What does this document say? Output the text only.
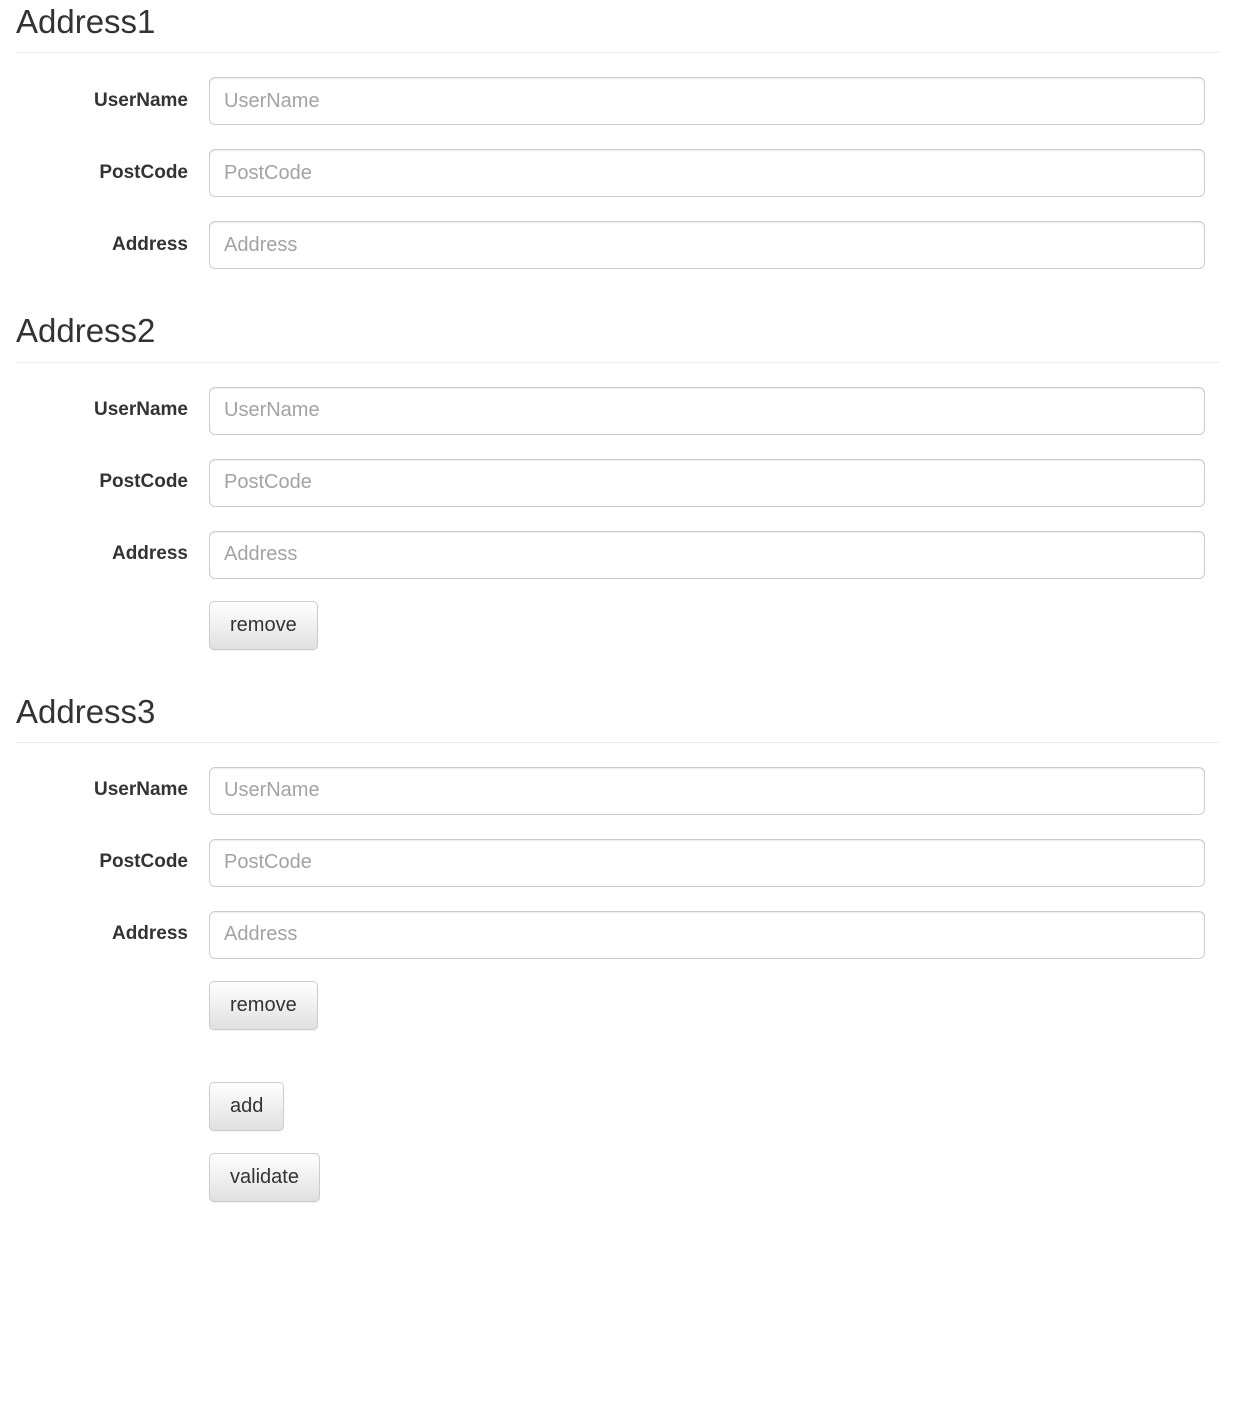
Address1
UserName
UserName
PostCode
PostCode
Address
Address
Address2
UserName
UserName
PostCode
PostCode
Address
Address
remove
Address3
UserName
UserName
PostCode
PostCode
Address
Address
remove
add
validate
